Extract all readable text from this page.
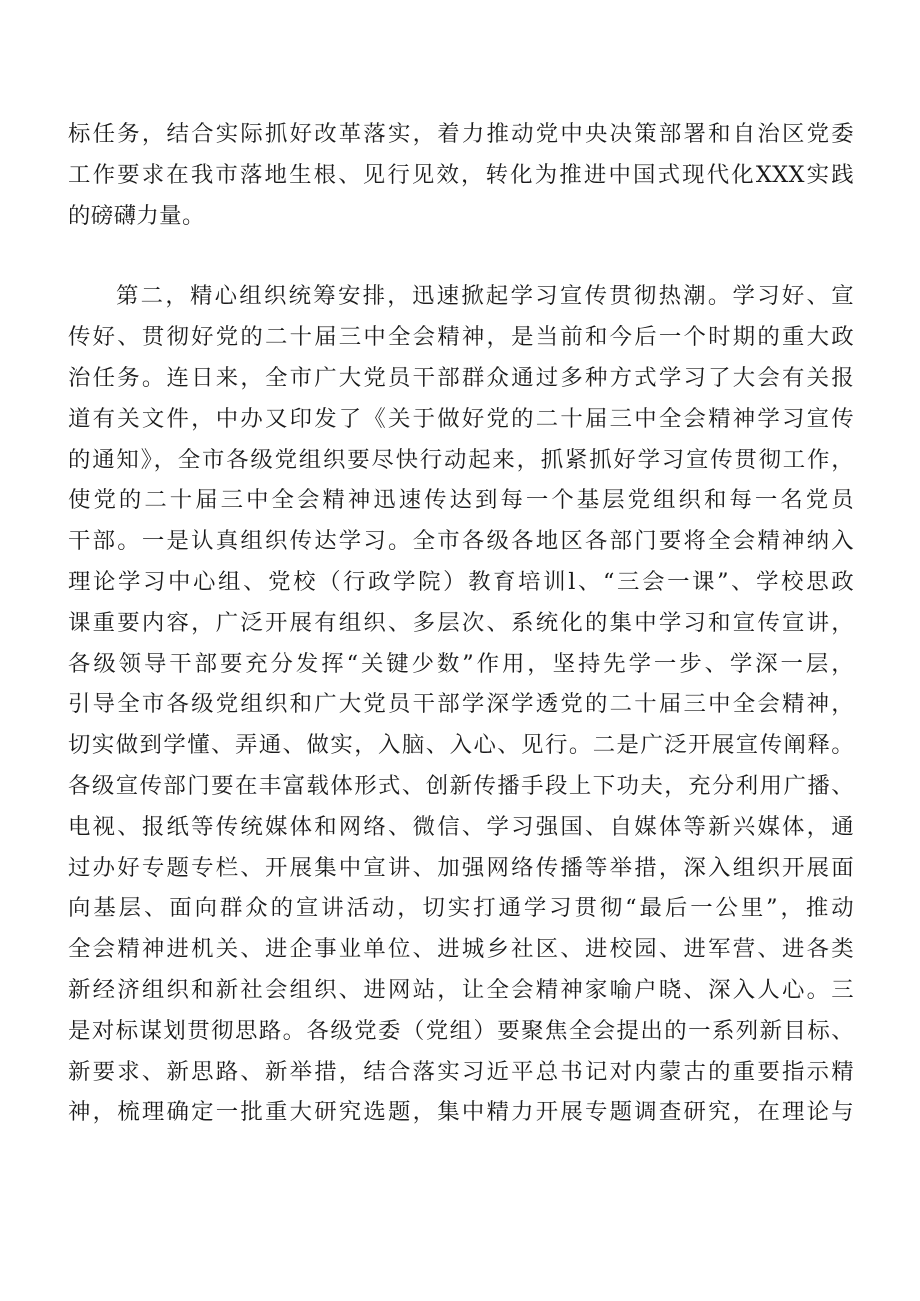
标任务，结合实际抓好改革落实，着力推动党中央决策部署和自治区党委
工作要求在我市落地生根、见行见效，转化为推进中国式现代化XXX实践
的磅礴力量。
第二，精心组织统筹安排，迅速掀起学习宣传贯彻热潮。学习好、宣
传好、贯彻好党的二十届三中全会精神，是当前和今后一个时期的重大政
治任务。连日来，全市广大党员干部群众通过多种方式学习了大会有关报
道有关文件，中办又印发了《关于做好党的二十届三中全会精神学习宣传
的通知》，全市各级党组织要尽快行动起来，抓紧抓好学习宣传贯彻工作，
使党的二十届三中全会精神迅速传达到每一个基层党组织和每一名党员
干部。一是认真组织传达学习。全市各级各地区各部门要将全会精神纳入
理论学习中心组、党校（行政学院）教育培训l、“三会一课”、学校思政
课重要内容，广泛开展有组织、多层次、系统化的集中学习和宣传宣讲，
各级领导干部要充分发挥“关键少数”作用，坚持先学一步、学深一层，
引导全市各级党组织和广大党员干部学深学透党的二十届三中全会精神，
切实做到学懂、弄通、做实，入脑、入心、见行。二是广泛开展宣传阐释。
各级宣传部门要在丰富载体形式、创新传播手段上下功夫，充分利用广播、
电视、报纸等传统媒体和网络、微信、学习强国、自媒体等新兴媒体，通
过办好专题专栏、开展集中宣讲、加强网络传播等举措，深入组织开展面
向基层、面向群众的宣讲活动，切实打通学习贯彻“最后一公里”，推动
全会精神进机关、进企事业单位、进城乡社区、进校园、进军营、进各类
新经济组织和新社会组织、进网站，让全会精神家喻户晓、深入人心。三
是对标谋划贯彻思路。各级党委（党组）要聚焦全会提出的一系列新目标、
新要求、新思路、新举措，结合落实习近平总书记对内蒙古的重要指示精
神，梳理确定一批重大研究选题，集中精力开展专题调查研究，在理论与
